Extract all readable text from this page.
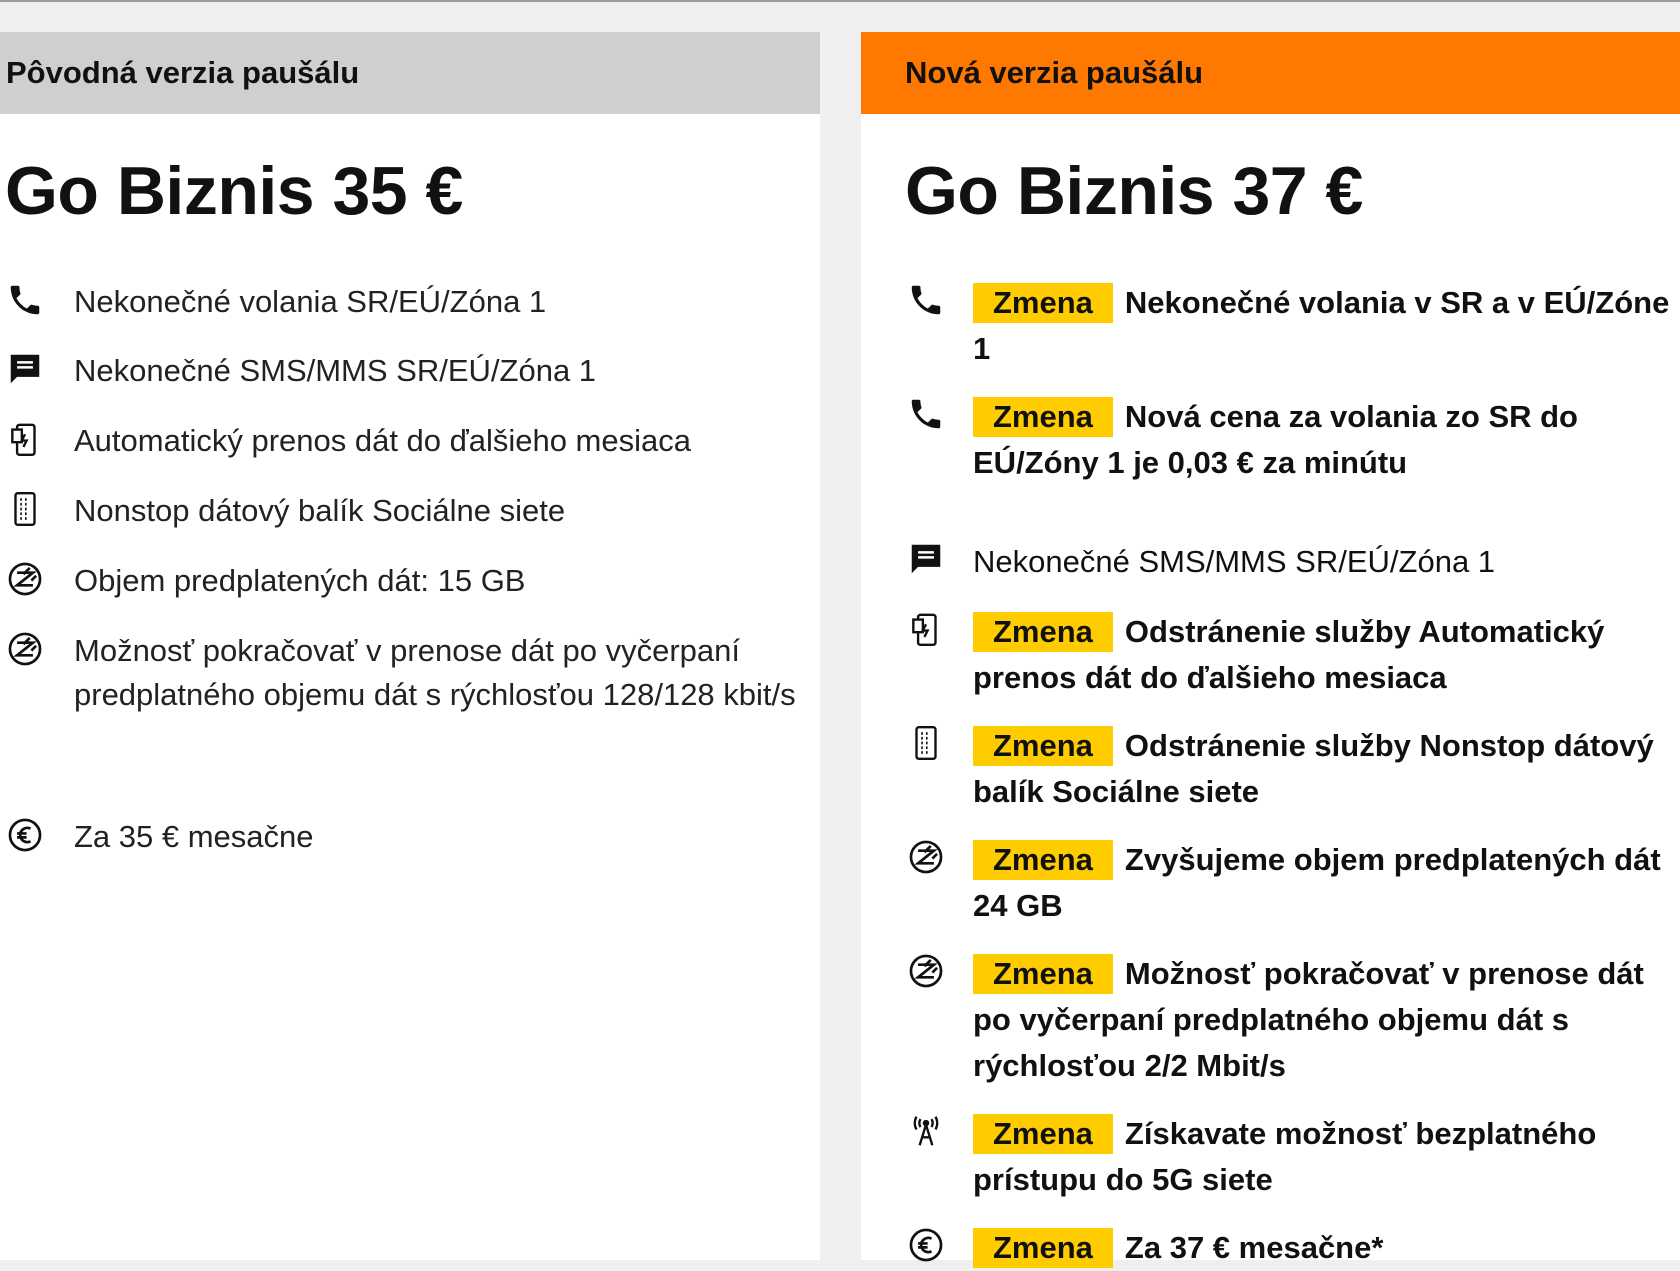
Pôvodná verzia paušálu
Go Biznis 35 €
Nekonečné volania SR/EÚ/Zóna 1
Nekonečné SMS/MMS SR/EÚ/Zóna 1
Automatický prenos dát do ďalšieho mesiaca
Nonstop dátový balík Sociálne siete
Objem predplatených dát: 15 GB
Možnosť pokračovať v prenose dát po vyčerpaní predplatného objemu dát s rýchlosťou 128/128 kbit/s
Za 35 € mesačne
Nová verzia paušálu
Go Biznis 37 €
Zmena Nekonečné volania v SR a v EÚ/Zóne 1
Zmena Nová cena za volania zo SR do EÚ/Zóny 1 je 0,03 € za minútu
Nekonečné SMS/MMS SR/EÚ/Zóna 1
Zmena Odstránenie služby Automatický prenos dát do ďalšieho mesiaca
Zmena Odstránenie služby Nonstop dátový balík Sociálne siete
Zmena Zvyšujeme objem predplatených dát 24 GB
Zmena Možnosť pokračovať v prenose dát po vyčerpaní predplatného objemu dát s rýchlosťou 2/2 Mbit/s
Zmena Získavate možnosť bezplatného prístupu do 5G siete
Zmena Za 37 € mesačne*
